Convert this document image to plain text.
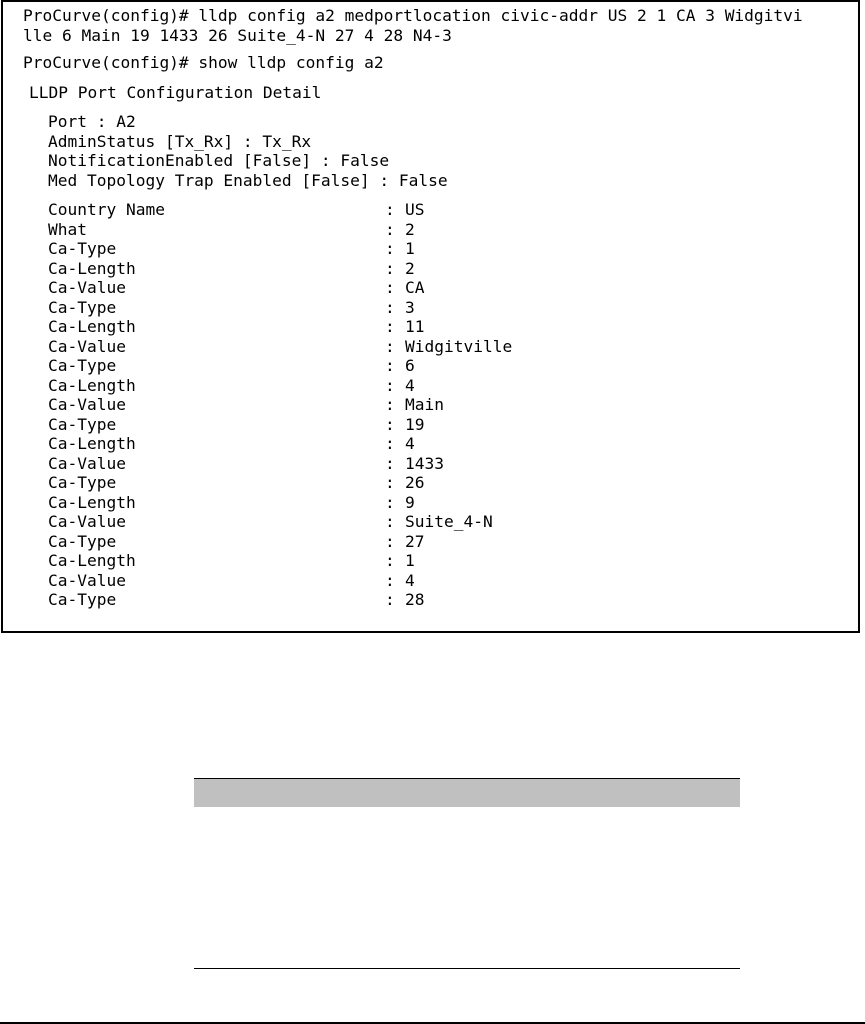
ProCurve(config)# lldp config a2 medportlocation civic-addr US 2 1 CA 3 Widgitvi
lle 6 Main 19 1433 26 Suite_4-N 27 4 28 N4-3
ProCurve(config)# show lldp config a2
LLDP Port Configuration Detail
Port : A2
AdminStatus [Tx_Rx] : Tx_Rx
NotificationEnabled [False] : False
Med Topology Trap Enabled [False] : False
Country Name	: US
What	: 2
Ca-Type	: 1
Ca-Length	: 2
Ca-Value	: CA
Ca-Type	: 3
Ca-Length	: 11
Ca-Value	: Widgitville
Ca-Type	: 6
Ca-Length	: 4
Ca-Value	: Main
Ca-Type	: 19
Ca-Length	: 4
Ca-Value	: 1433
Ca-Type	: 26
Ca-Length	: 9
Ca-Value	: Suite_4-N
Ca-Type	: 27
Ca-Length	: 1
Ca-Value	: 4
Ca-Type	: 28
